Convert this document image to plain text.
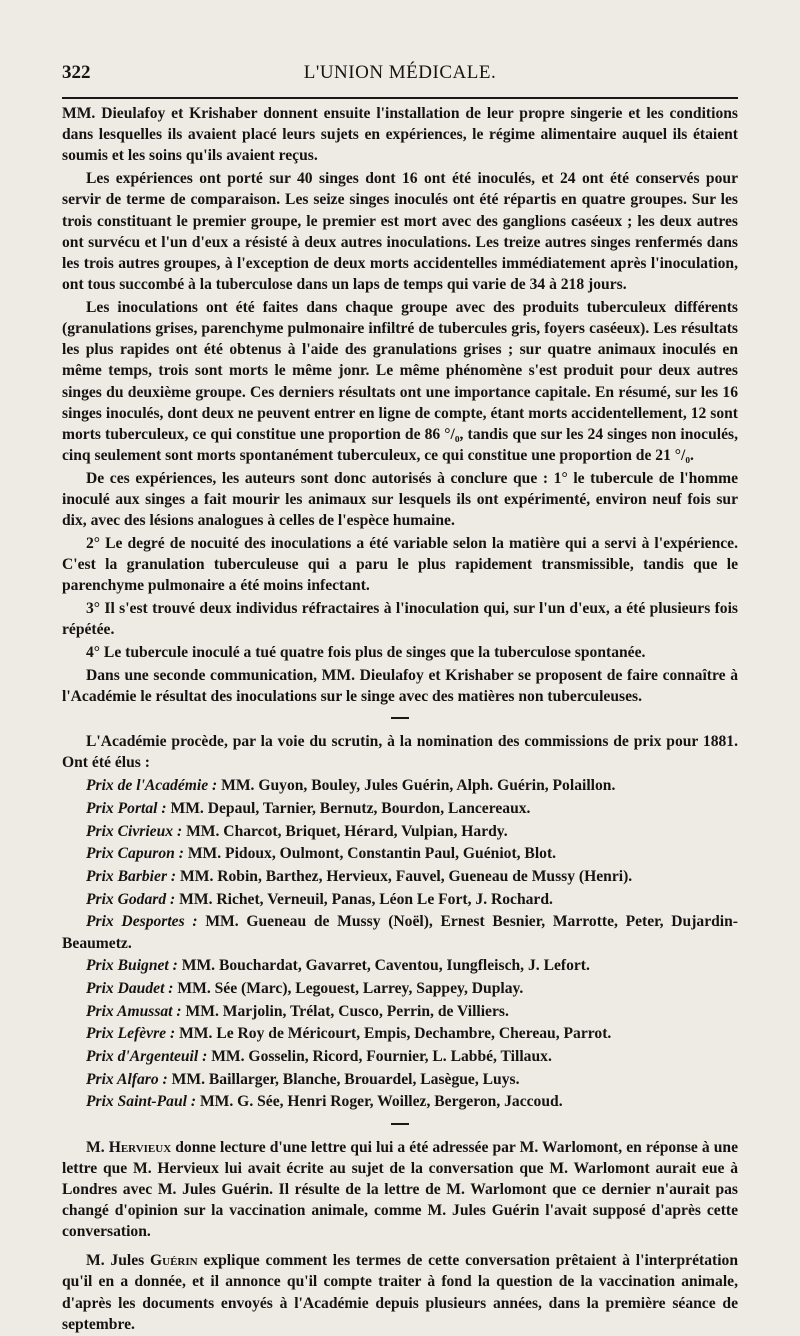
322	L'UNION MÉDICALE.

MM. Dieulafoy et Krishaber donnent ensuite l'installation de leur propre singerie et les conditions dans lesquelles ils avaient placé leurs sujets en expériences, le régime alimentaire auquel ils étaient soumis et les soins qu'ils avaient reçus.

Les expériences ont porté sur 40 singes dont 16 ont été inoculés, et 24 ont été conservés pour servir de terme de comparaison. Les seize singes inoculés ont été répartis en quatre groupes. Sur les trois constituant le premier groupe, le premier est mort avec des ganglions caséeux ; les deux autres ont survécu et l'un d'eux a résisté à deux autres inoculations. Les treize autres singes renfermés dans les trois autres groupes, à l'exception de deux morts accidentelles immédiatement après l'inoculation, ont tous succombé à la tuberculose dans un laps de temps qui varie de 34 à 218 jours.

Les inoculations ont été faites dans chaque groupe avec des produits tuberculeux différents (granulations grises, parenchyme pulmonaire infiltré de tubercules gris, foyers caséeux). Les résultats les plus rapides ont été obtenus à l'aide des granulations grises ; sur quatre animaux inoculés en même temps, trois sont morts le même jonr. Le même phénomène s'est produit pour deux autres singes du deuxième groupe. Ces derniers résultats ont une importance capitale. En résumé, sur les 16 singes inoculés, dont deux ne peuvent entrer en ligne de compte, étant morts accidentellement, 12 sont morts tuberculeux, ce qui constitue une proportion de 86 °/₀, tandis que sur les 24 singes non inoculés, cinq seulement sont morts spontanément tuberculeux, ce qui constitue une proportion de 21 °/₀.

De ces expériences, les auteurs sont donc autorisés à conclure que : 1° le tubercule de l'homme inoculé aux singes a fait mourir les animaux sur lesquels ils ont expérimenté, environ neuf fois sur dix, avec des lésions analogues à celles de l'espèce humaine.

2° Le degré de nocuité des inoculations a été variable selon la matière qui a servi à l'expérience. C'est la granulation tuberculeuse qui a paru le plus rapidement transmissible, tandis que le parenchyme pulmonaire a été moins infectant.

3° Il s'est trouvé deux individus réfractaires à l'inoculation qui, sur l'un d'eux, a été plusieurs fois répétée.

4° Le tubercule inoculé a tué quatre fois plus de singes que la tuberculose spontanée.

Dans une seconde communication, MM. Dieulafoy et Krishaber se proposent de faire connaître à l'Académie le résultat des inoculations sur le singe avec des matières non tuberculeuses.

L'Académie procède, par la voie du scrutin, à la nomination des commissions de prix pour 1881. Ont été élus :

Prix de l'Académie : MM. Guyon, Bouley, Jules Guérin, Alph. Guérin, Polaillon.

Prix Portal : MM. Depaul, Tarnier, Bernutz, Bourdon, Lancereaux.

Prix Civrieux : MM. Charcot, Briquet, Hérard, Vulpian, Hardy.

Prix Capuron : MM. Pidoux, Oulmont, Constantin Paul, Guéniot, Blot.

Prix Barbier : MM. Robin, Barthez, Hervieux, Fauvel, Gueneau de Mussy (Henri).

Prix Godard : MM. Richet, Verneuil, Panas, Léon Le Fort, J. Rochard.

Prix Desportes : MM. Gueneau de Mussy (Noël), Ernest Besnier, Marrotte, Peter, Dujardin-Beaumetz.

Prix Buignet : MM. Bouchardat, Gavarret, Caventou, Iungfleisch, J. Lefort.

Prix Daudet : MM. Sée (Marc), Legouest, Larrey, Sappey, Duplay.

Prix Amussat : MM. Marjolin, Trélat, Cusco, Perrin, de Villiers.

Prix Lefèvre : MM. Le Roy de Méricourt, Empis, Dechambre, Chereau, Parrot.

Prix d'Argenteuil : MM. Gosselin, Ricord, Fournier, L. Labbé, Tillaux.

Prix Alfaro : MM. Baillarger, Blanche, Brouardel, Lasègue, Luys.

Prix Saint-Paul : MM. G. Sée, Henri Roger, Woillez, Bergeron, Jaccoud.

M. Hervieux donne lecture d'une lettre qui lui a été adressée par M. Warlomont, en réponse à une lettre que M. Hervieux lui avait écrite au sujet de la conversation que M. Warlomont aurait eue à Londres avec M. Jules Guérin. Il résulte de la lettre de M. Warlomont que ce dernier n'aurait pas changé d'opinion sur la vaccination animale, comme M. Jules Guérin l'avait supposé d'après cette conversation.

M. Jules Guérin explique comment les termes de cette conversation prêtaient à l'interprétation qu'il en a donnée, et il annonce qu'il compte traiter à fond la question de la vaccination animale, d'après les documents envoyés à l'Académie depuis plusieurs années, dans la première séance de septembre.
